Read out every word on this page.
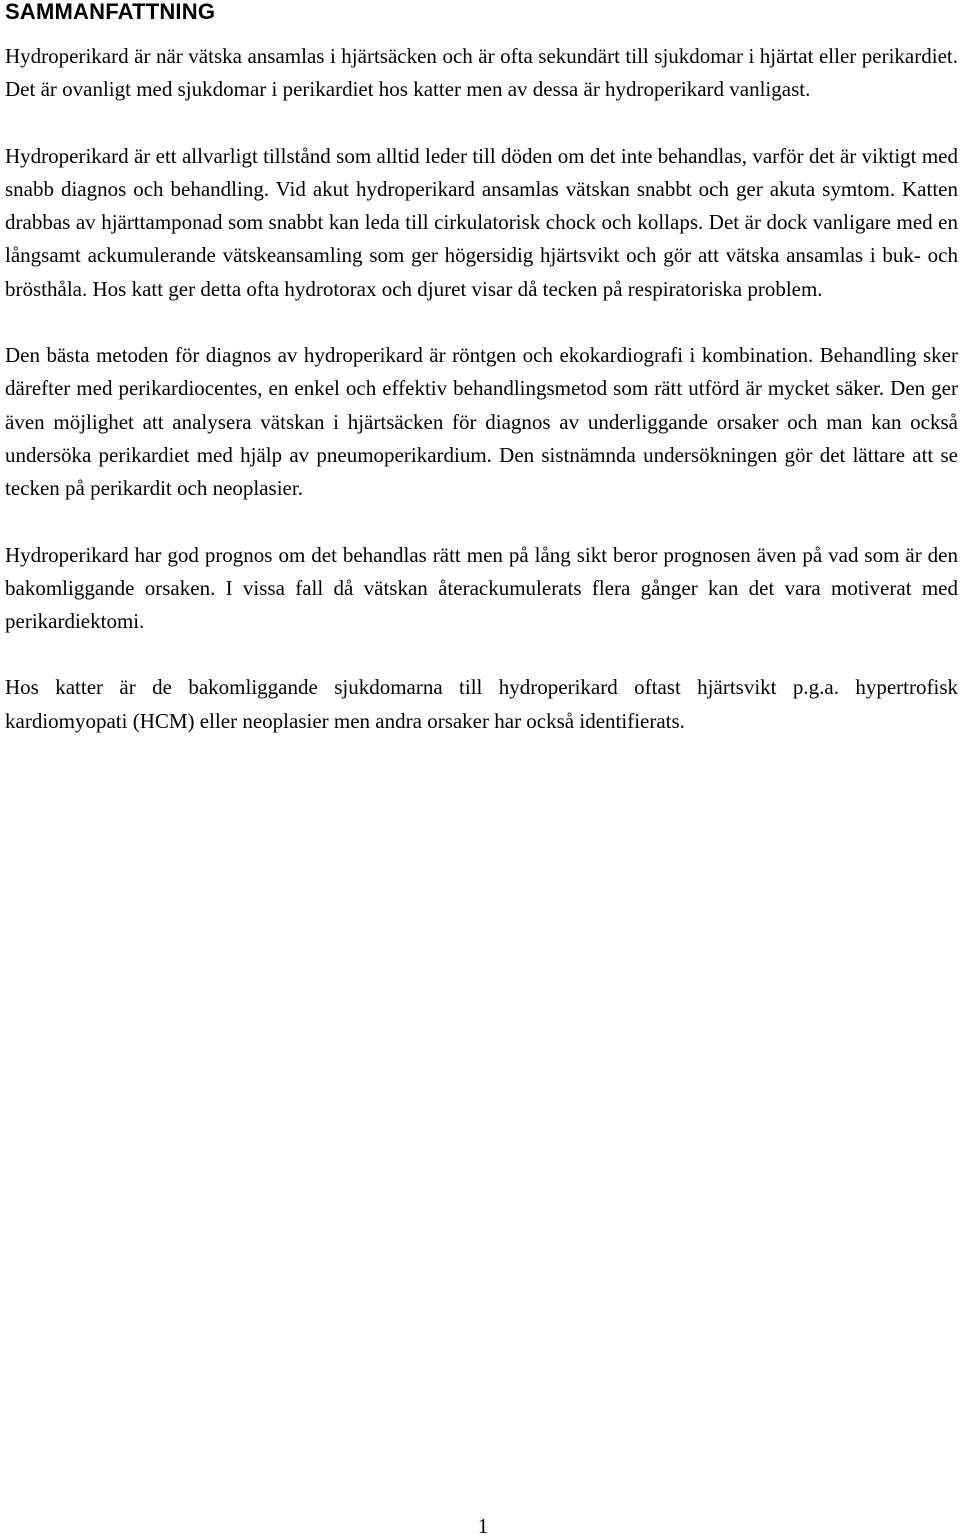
SAMMANFATTNING

Hydroperikard är när vätska ansamlas i hjärtsäcken och är ofta sekundärt till sjukdomar i hjärtat eller perikardiet. Det är ovanligt med sjukdomar i perikardiet hos katter men av dessa är hydroperikard vanligast.

Hydroperikard är ett allvarligt tillstånd som alltid leder till döden om det inte behandlas, varför det är viktigt med snabb diagnos och behandling. Vid akut hydroperikard ansamlas vätskan snabbt och ger akuta symtom. Katten drabbas av hjärttamponad som snabbt kan leda till cirkulatorisk chock och kollaps. Det är dock vanligare med en långsamt ackumulerande vätskeansamling som ger högersidig hjärtsvikt och gör att vätska ansamlas i buk- och brösthåla. Hos katt ger detta ofta hydrotorax och djuret visar då tecken på respiratoriska problem.

Den bästa metoden för diagnos av hydroperikard är röntgen och ekokardiografi i kombination. Behandling sker därefter med perikardiocentes, en enkel och effektiv behandlingsmetod som rätt utförd är mycket säker. Den ger även möjlighet att analysera vätskan i hjärtsäcken för diagnos av underliggande orsaker och man kan också undersöka perikardiet med hjälp av pneumoperikardium. Den sistnämnda undersökningen gör det lättare att se tecken på perikardit och neoplasier.

Hydroperikard har god prognos om det behandlas rätt men på lång sikt beror prognosen även på vad som är den bakomliggande orsaken. I vissa fall då vätskan återackumulerats flera gånger kan det vara motiverat med perikardiektomi.

Hos katter är de bakomliggande sjukdomarna till hydroperikard oftast hjärtsvikt p.g.a. hypertrofisk kardiomyopati (HCM) eller neoplasier men andra orsaker har också identifierats.

1
